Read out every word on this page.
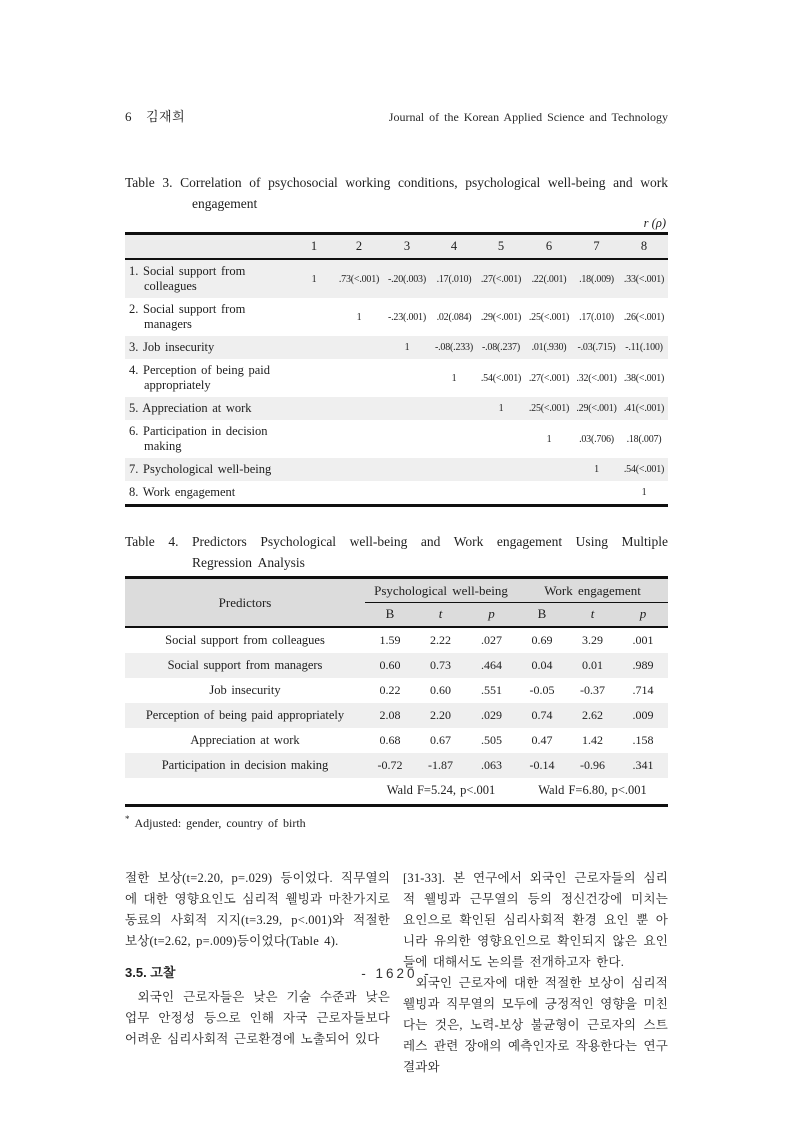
6 김재희	Journal of the Korean Applied Science and Technology

Table 3. Correlation of psychosocial working conditions, psychological well-being and work engagement

r (ρ)
	1	2	3	4	5	6	7	8
1. Social support from colleagues	1	.73(<.001)	-.20(.003)	.17(.010)	.27(<.001)	.22(.001)	.18(.009)	.33(<.001)
2. Social support from managers		1	-.23(.001)	.02(.084)	.29(<.001)	.25(<.001)	.17(.010)	.26(<.001)
3. Job insecurity			1	-.08(.233)	-.08(.237)	.01(.930)	-.03(.715)	-.11(.100)
4. Perception of being paid appropriately				1	.54(<.001)	.27(<.001)	.32(<.001)	.38(<.001)
5. Appreciation at work					1	.25(<.001)	.29(<.001)	.41(<.001)
6. Participation in decision making						1	.03(.706)	.18(.007)
7. Psychological well-being							1	.54(<.001)
8. Work engagement								1

Table 4. Predictors Psychological well-being and Work engagement Using Multiple Regression Analysis

Predictors	Psychological well-being			Work engagement		
	B	t	p	B	t	p
Social support from colleagues	1.59	2.22	.027	0.69	3.29	.001
Social support from managers	0.60	0.73	.464	0.04	0.01	.989
Job insecurity	0.22	0.60	.551	-0.05	-0.37	.714
Perception of being paid appropriately	2.08	2.20	.029	0.74	2.62	.009
Appreciation at work	0.68	0.67	.505	0.47	1.42	.158
Participation in decision making	-0.72	-1.87	.063	-0.14	-0.96	.341
	Wald F=5.24, p<.001			Wald F=6.80, p<.001		
* Adjusted: gender, country of birth

절한 보상(t=2.20, p=.029) 등이었다. 직무열의에 대한 영향요인도 심리적 웰빙과 마찬가지로 동료의 사회적 지지(t=3.29, p<.001)와 적절한 보상(t=2.62, p=.009)등이었다(Table 4).

3.5. 고찰

외국인 근로자들은 낮은 기술 수준과 낮은 업무 안정성 등으로 인해 자국 근로자들보다 어려운 심리사회적 근로환경에 노출되어 있다

[31-33]. 본 연구에서 외국인 근로자들의 심리적 웰빙과 근무열의 등의 정신건강에 미치는 요인으로 확인된 심리사회적 환경 요인 뿐 아니라 유의한 영향요인으로 확인되지 않은 요인들에 대해서도 논의를 전개하고자 한다.

외국인 근로자에 대한 적절한 보상이 심리적 웰빙과 직무열의 모두에 긍정적인 영향을 미친다는 것은, 노력-보상 불균형이 근로자의 스트레스 관련 장애의 예측인자로 작용한다는 연구결과와

- 1620 -
